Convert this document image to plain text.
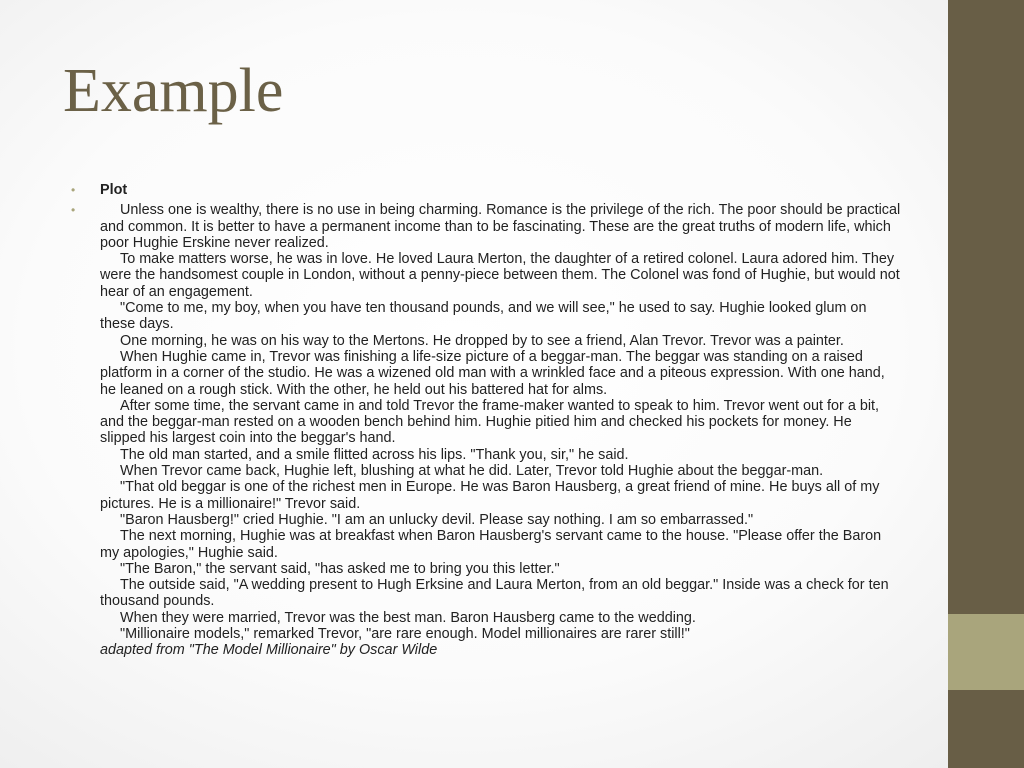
Example
• Plot
•	Unless one is wealthy, there is no use in being charming. Romance is the privilege of the rich. The poor should be practical and common. It is better to have a permanent income than to be fascinating. These are the great truths of modern life, which poor Hughie Erskine never realized.

To make matters worse, he was in love. He loved Laura Merton, the daughter of a retired colonel. Laura adored him. They were the handsomest couple in London, without a penny-piece between them. The Colonel was fond of Hughie, but would not hear of an engagement.

"Come to me, my boy, when you have ten thousand pounds, and we will see," he used to say. Hughie looked glum on these days.

One morning, he was on his way to the Mertons. He dropped by to see a friend, Alan Trevor. Trevor was a painter.

When Hughie came in, Trevor was finishing a life-size picture of a beggar-man. The beggar was standing on a raised platform in a corner of the studio. He was a wizened old man with a wrinkled face and a piteous expression. With one hand, he leaned on a rough stick. With the other, he held out his battered hat for alms.

After some time, the servant came in and told Trevor the frame-maker wanted to speak to him. Trevor went out for a bit, and the beggar-man rested on a wooden bench behind him. Hughie pitied him and checked his pockets for money. He slipped his largest coin into the beggar's hand.

The old man started, and a smile flitted across his lips. "Thank you, sir," he said.

When Trevor came back, Hughie left, blushing at what he did. Later, Trevor told Hughie about the beggar-man.

"That old beggar is one of the richest men in Europe. He was Baron Hausberg, a great friend of mine. He buys all of my pictures. He is a millionaire!" Trevor said.

"Baron Hausberg!" cried Hughie. "I am an unlucky devil. Please say nothing. I am so embarrassed."

The next morning, Hughie was at breakfast when Baron Hausberg's servant came to the house. "Please offer the Baron my apologies," Hughie said.

"The Baron," the servant said, "has asked me to bring you this letter."

The outside said, "A wedding present to Hugh Erksine and Laura Merton, from an old beggar." Inside was a check for ten thousand pounds.

When they were married, Trevor was the best man. Baron Hausberg came to the wedding.

"Millionaire models," remarked Trevor, "are rare enough. Model millionaires are rarer still!"

adapted from "The Model Millionaire" by Oscar Wilde
